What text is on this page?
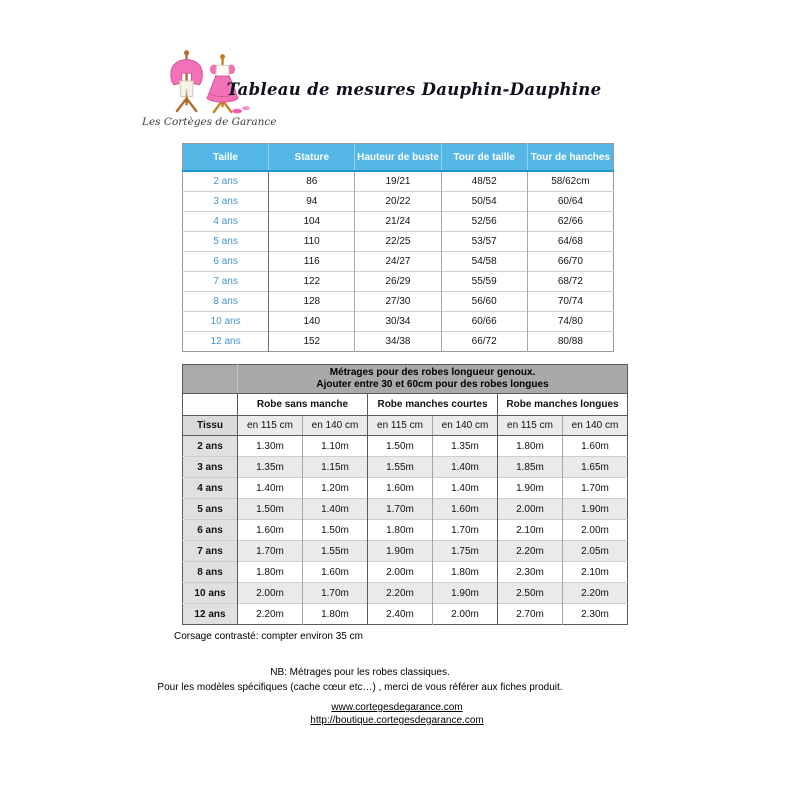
Les Cortèges de Garance
Tableau de mesures Dauphin-Dauphine
Taille	Stature	Hauteur de buste	Tour de taille	Tour de hanches
2 ans	86	19/21	48/52	58/62cm
3 ans	94	20/22	50/54	60/64
4 ans	104	21/24	52/56	62/66
5 ans	110	22/25	53/57	64/68
6 ans	116	24/27	54/58	66/70
7 ans	122	26/29	55/59	68/72
8 ans	128	27/30	56/60	70/74
10 ans	140	30/34	60/66	74/80
12 ans	152	34/38	66/72	80/88

	Métrages pour des robes longueur genoux.
Ajouter entre 30 et 60cm pour des robes longues					

	Robe sans manche		Robe manches courtes		Robe manches longues	
Tissu	en 115 cm	en 140 cm	en 115 cm	en 140 cm	en 115 cm	en 140 cm
2 ans	1.30m	1.10m	1.50m	1.35m	1.80m	1.60m
3 ans	1.35m	1.15m	1.55m	1.40m	1.85m	1.65m
4 ans	1.40m	1.20m	1.60m	1.40m	1.90m	1.70m
5 ans	1.50m	1.40m	1.70m	1.60m	2.00m	1.90m
6 ans	1.60m	1.50m	1.80m	1.70m	2.10m	2.00m
7 ans	1.70m	1.55m	1.90m	1.75m	2.20m	2.05m
8 ans	1.80m	1.60m	2.00m	1.80m	2.30m	2.10m
10 ans	2.00m	1.70m	2.20m	1.90m	2.50m	2.20m
12 ans	2.20m	1.80m	2.40m	2.00m	2.70m	2.30m
Corsage contrasté: compter environ 35 cm
NB: Métrages pour les robes classiques.
Pour les modèles spécifiques (cache cœur etc…) , merci de vous référer aux fiches produit.
www.cortegesdegarance.com
http://boutique.cortegesdegarance.com
